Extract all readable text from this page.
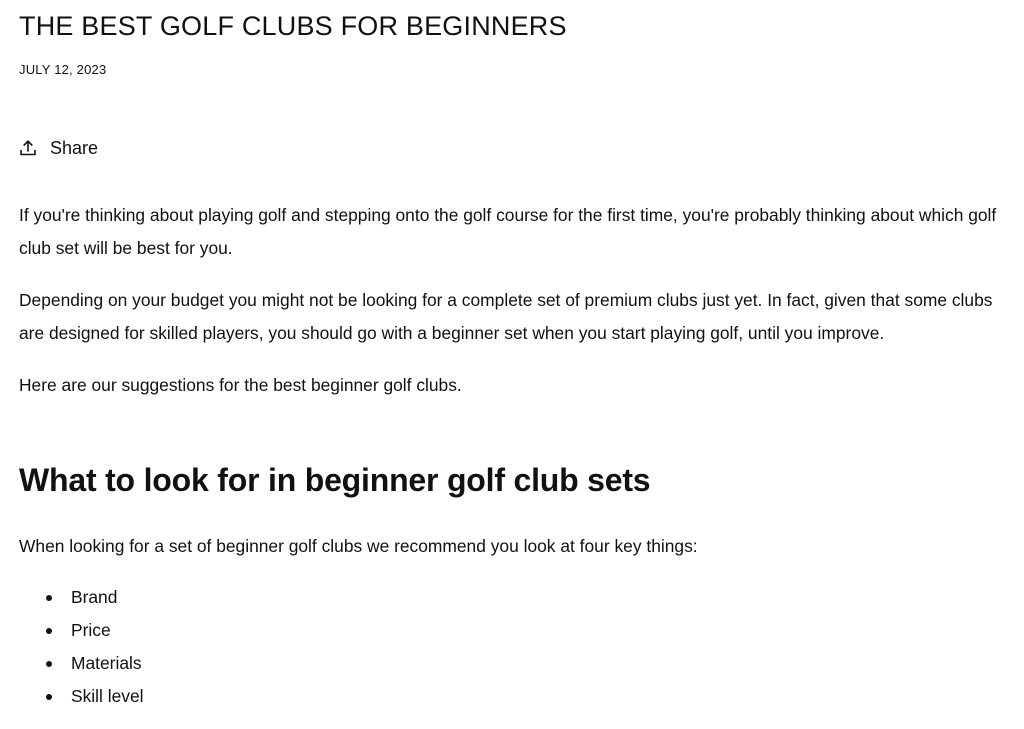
THE BEST GOLF CLUBS FOR BEGINNERS
JULY 12, 2023
Share

If you're thinking about playing golf and stepping onto the golf course for the first time, you're probably thinking about which golf club set will be best for you.

Depending on your budget you might not be looking for a complete set of premium clubs just yet. In fact, given that some clubs are designed for skilled players, you should go with a beginner set when you start playing golf, until you improve.

Here are our suggestions for the best beginner golf clubs.

What to look for in beginner golf club sets

When looking for a set of beginner golf clubs we recommend you look at four key things:

Brand
Price
Materials
Skill level
